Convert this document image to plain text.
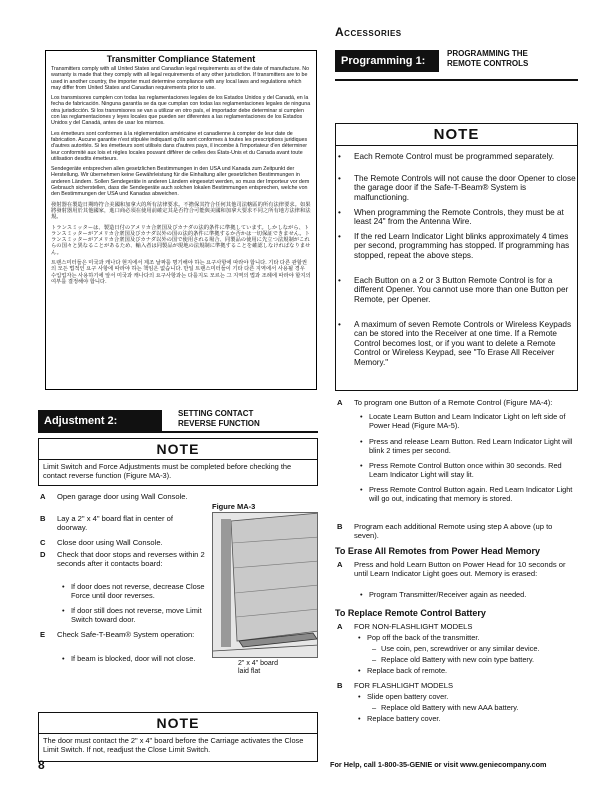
Transmitter Compliance Statement

Transmitters comply with all United States and Canadian legal requirements as of the date of manufacture. No warranty is made that they comply with all legal requirements of any other jurisdiction. If transmitters are to be used in another country, the importer must determine compliance with any local laws and regulations which may differ from United States and Canadian requirements prior to use.

Los transmisores cumplen con todas las reglamentaciones legales de los Estados Unidos y del Canadá, en la fecha de fabricación. Ninguna garantía se da que cumplan con todas las reglamentaciones legales de ninguna otra jurisdicción. Si los transmisores se van a utilizar en otro país, el importador debe determinar si cumplen con las reglamentaciones y leyes locales que pueden ser diferentes a las reglamentaciones de los Estados Unidos y del Canadá, antes de usar los mismos.

Les émetteurs sont conformes à la réglementation américaine et canadienne à compter de leur date de fabrication. Aucune garantie n'est stipulée indiquant qu'ils sont conformes à toutes les prescriptions juridiques d'autres autorités. Si les émetteurs sont utilisés dans d'autres pays, il incombe à l'importateur d'en déterminer leur conformité aux lois et règles locales pouvant différer de celles des États-Unis et du Canada avant toute utilisation desdits émetteurs.

Sendegeräte entsprechen allen gesetzlichen Bestimmungen in den USA und Kanada zum Zeitpunkt der Herstellung. Wir übernehmen keine Gewährleistung für die Einhaltung aller gesetzlichen Bestimmungen in anderen Ländern. Sollen Sendegeräte in anderen Ländern eingesetzt werden, so muss der Importeur vor dem Gebrauch sicherstellen, dass die Sendegeräte auch solchen lokalen Bestimmungen entsprechen, welche von den Bestimmungen der USA und Kanadas abweichen.

發射器在製造日期時符合美國和加拿大的所有法律要求。不擔保其符合任何其他司法轄區的所有法律要求。如果將發射器用於其他國家，進口商必須在使用前確定其是否符合可能與美國和加拿大要求不同之所有地方法律和法規。

トランスミッターは、製造日付のアメリカ合衆国及びカナダの法的条件に準拠しています。しかしながら、トランスミッターがアメリカ合衆国及びカナダ以外の国の法的条件に準拠するか否かは一切保証できません。トランスミッターがアメリカ合衆国及びカナダ以外の国で使用される場合、同製品の使用に先立つ法規制がこれらの国々と異なることがあるため、輸入者は同製品が現地の法規制に準拠することを確認しなければなりません。

트랜스미터들은 미국과 캐나다 현지에서 제조 날짜를 명기해야 하는 요구사항에 따라야 합니다. 기타 다른 관할권의 모든 법적인 요구 사항에 따라야 하는 책임은 없습니다. 만일 트랜스미터들이 기타 다른 지역에서 사용될 경우 수입업자는 사용하기에 앞서 미국과 캐나다의 요구사항과는 다를지도 모르는 그 지역의 법과 조례에 따라야 할지의 여부를 결정해야 합니다.

Adjustment 2:
SETTING CONTACT
REVERSE FUNCTION
NOTE
Limit Switch and Force Adjustments must be completed before checking the contact reverse function (Figure MA-3).
A	Open garage door using Wall Console.
B	Lay a 2" x 4" board flat in center of doorway.
C	Close door using Wall Console.
D	Check that door stops and reverses within 2 seconds after it contacts board:
• If door does not reverse, decrease Close Force until door reverses.
• If door still does not reverse, move Limit Switch toward door.
E	Check Safe-T-Beam® System operation:
• If beam is blocked, door will not close.
Figure MA-3
2" x 4" board
laid flat
NOTE
The door must contact the 2" x 4" board before the Carriage activates the Close Limit Switch. If not, readjust the Close Limit Switch.
Accessories
Programming 1:
PROGRAMMING THE
REMOTE CONTROLS
NOTE
•	Each Remote Control must be programmed separately.
•	The Remote Controls will not cause the door Opener to close the garage door if the Safe-T-Beam® System is malfunctioning.
•	When programming the Remote Controls, they must be at least 24" from the Antenna Wire.
•	If the red Learn Indicator Light blinks approximately 4 times per second, programming has stopped. If programming has stopped, repeat the above steps.
•	Each Button on a 2 or 3 Button Remote Control is for a different Opener. You cannot use more than one Button per Remote, per Opener.
•	A maximum of seven Remote Controls or Wireless Keypads can be stored into the Receiver at one time. If a Remote Control becomes lost, or if you want to delete a Remote Control or Wireless Keypad, see "To Erase All Receiver Memory."
A	To program one Button of a Remote Control (Figure MA-4):
• Locate Learn Button and Learn Indicator Light on left side of Power Head (Figure MA-5).
• Press and release Learn Button. Red Learn Indicator Light will blink 2 times per second.
• Press Remote Control Button once within 30 seconds. Red Learn Indicator Light will stay lit.
• Press Remote Control Button again. Red Learn Indicator Light will go out, indicating that memory is stored.
B	Program each additional Remote using step A above (up to seven).
To Erase All Remotes from Power Head Memory
A	Press and hold Learn Button on Power Head for 10 seconds or until Learn Indicator Light goes out. Memory is erased:
• Program Transmitter/Receiver again as needed.
To Replace Remote Control Battery
A	FOR NON-FLASHLIGHT MODELS
• Pop off the back of the transmitter.
– Use coin, pen, screwdriver or any similar device.
– Replace old Battery with new coin type battery.
• Replace back of remote.
B	FOR FLASHLIGHT MODELS
• Slide open battery cover.
– Replace old Battery with new AAA battery.
• Replace battery cover.
8	For Help, call 1-800-35-GENIE or visit www.geniecompany.com
